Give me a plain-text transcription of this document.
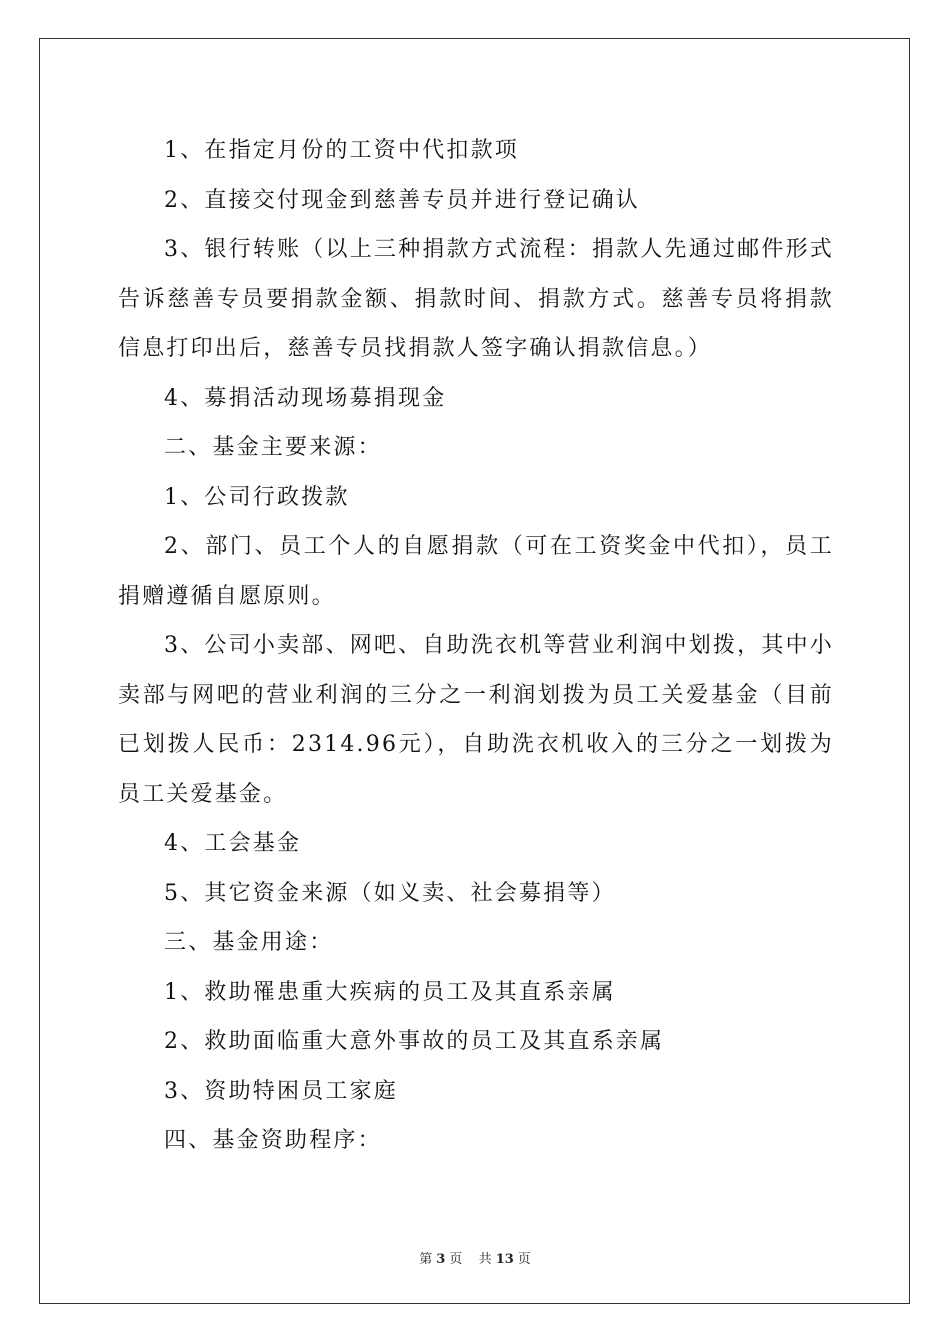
1、在指定月份的工资中代扣款项

2、直接交付现金到慈善专员并进行登记确认

3、银行转账（以上三种捐款方式流程：捐款人先通过邮件形式告诉慈善专员要捐款金额、捐款时间、捐款方式。慈善专员将捐款信息打印出后，慈善专员找捐款人签字确认捐款信息。）

4、募捐活动现场募捐现金

二、基金主要来源：

1、公司行政拨款

2、部门、员工个人的自愿捐款（可在工资奖金中代扣），员工捐赠遵循自愿原则。

3、公司小卖部、网吧、自助洗衣机等营业利润中划拨，其中小卖部与网吧的营业利润的三分之一利润划拨为员工关爱基金（目前已划拨人民币：2314.96元），自助洗衣机收入的三分之一划拨为员工关爱基金。

4、工会基金

5、其它资金来源（如义卖、社会募捐等）

三、基金用途：

1、救助罹患重大疾病的员工及其直系亲属

2、救助面临重大意外事故的员工及其直系亲属

3、资助特困员工家庭

四、基金资助程序：

第 3 页 共 13 页
